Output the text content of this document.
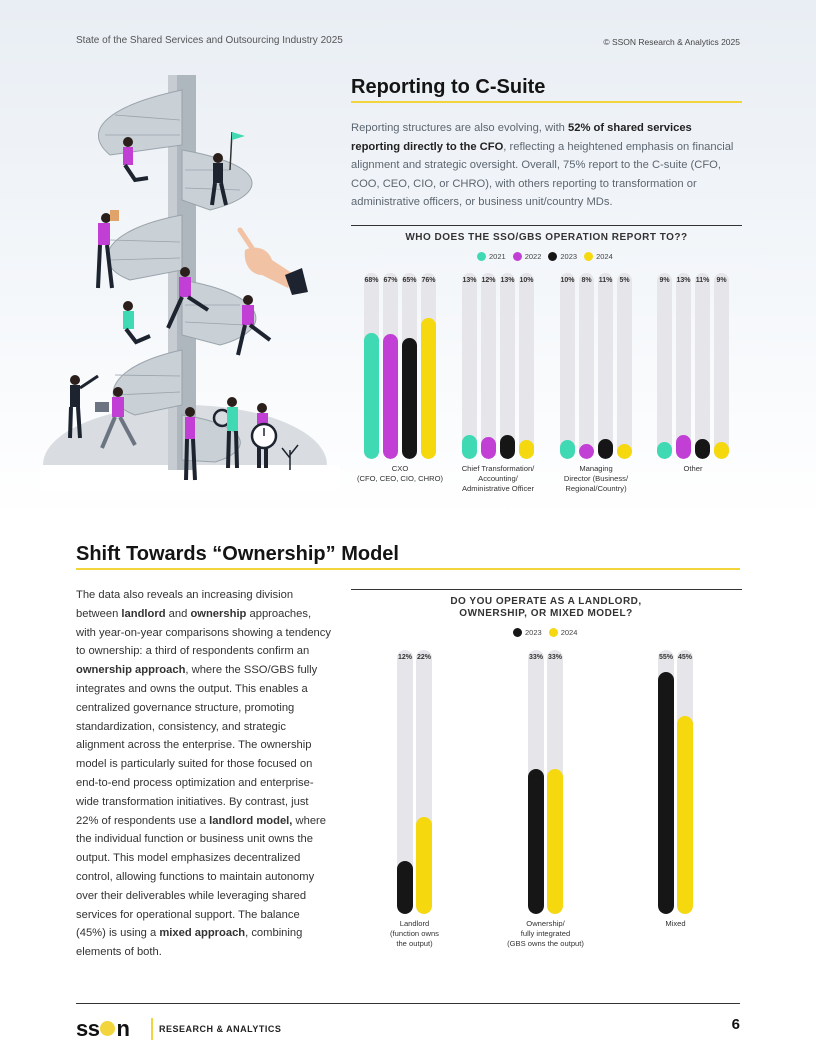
State of the Shared Services and Outsourcing Industry 2025	© SSON Research & Analytics 2025
Reporting to C-Suite

Reporting structures are also evolving, with 52% of shared services reporting directly to the CFO, reflecting a heightened emphasis on financial alignment and strategic oversight. Overall, 75% report to the C-suite (CFO, COO, CEO, CIO, or CHRO), with others reporting to transformation or administrative officers, or business unit/country MDs.

WHO DOES THE SSO/GBS OPERATION REPORT TO??
2021	2022	2023	2024
68% 67% 65% 76%
CXO
(CFO, CEO, CIO, CHRO)
13% 12% 13% 10%
Chief Transformation/
Accounting/
Administrative Officer
10% 8%	11%	5%
Managing
Director (Business/
Regional/Country)
9% 13% 11%	9%
Other
Shift Towards “Ownership” Model

The data also reveals an increasing division between landlord and ownership approaches, with year-on-year comparisons showing a tendency to ownership: a third of respondents confirm an ownership approach, where the SSO/GBS fully integrates and owns the output. This enables a centralized governance structure, promoting standardization, consistency, and strategic alignment across the enterprise. The ownership model is particularly suited for those focused on end-to-end process optimization and enterprise-wide transformation initiatives. By contrast, just 22% of respondents use a landlord model, where the individual function or business unit owns the output. This model emphasizes decentralized control, allowing functions to maintain autonomy over their deliverables while leveraging shared services for operational support. The balance (45%) is using a mixed approach, combining elements of both.

DO YOU OPERATE AS A LANDLORD, OWNERSHIP, OR MIXED MODEL?
2023	2024
12% 22%
Landlord
(function owns
the output)
33% 33%
Ownership/
fully integrated
(GBS owns the output)
55% 45%
Mixed
ss n	RESEARCH & ANALYTICS	6
